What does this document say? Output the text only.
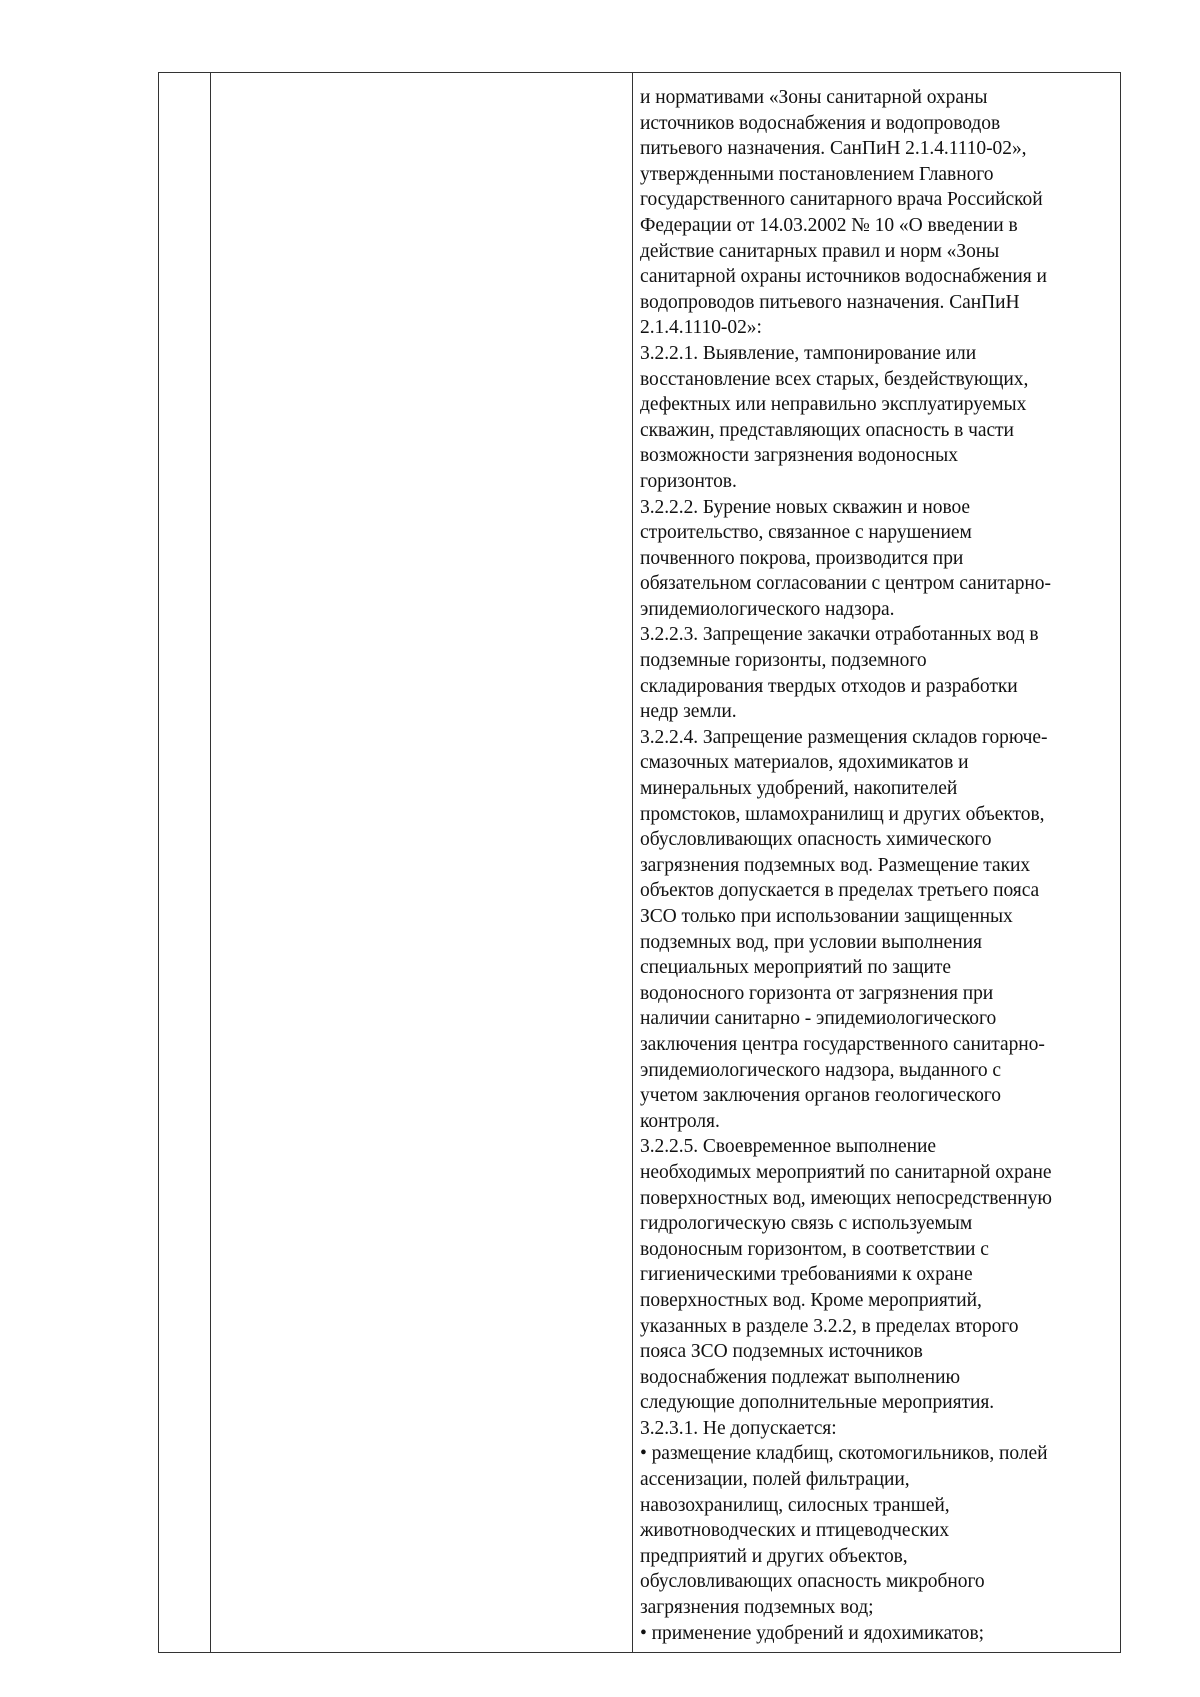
и нормативами «Зоны санитарной охраны
источников водоснабжения и водопроводов
питьевого назначения. СанПиН 2.1.4.1110-02»,
утвержденными постановлением Главного
государственного санитарного врача Российской
Федерации от 14.03.2002 № 10 «О введении в
действие санитарных правил и норм «Зоны
санитарной охраны источников водоснабжения и
водопроводов питьевого назначения. СанПиН
2.1.4.1110-02»:
3.2.2.1. Выявление, тампонирование или
восстановление всех старых, бездействующих,
дефектных или неправильно эксплуатируемых
скважин, представляющих опасность в части
возможности загрязнения водоносных
горизонтов.
3.2.2.2. Бурение новых скважин и новое
строительство, связанное с нарушением
почвенного покрова, производится при
обязательном согласовании с центром санитарно-
эпидемиологического надзора.
3.2.2.3. Запрещение закачки отработанных вод в
подземные горизонты, подземного
складирования твердых отходов и разработки
недр земли.
3.2.2.4. Запрещение размещения складов горюче-
смазочных материалов, ядохимикатов и
минеральных удобрений, накопителей
промстоков, шламохранилищ и других объектов,
обусловливающих опасность химического
загрязнения подземных вод. Размещение таких
объектов допускается в пределах третьего пояса
ЗСО только при использовании защищенных
подземных вод, при условии выполнения
специальных мероприятий по защите
водоносного горизонта от загрязнения при
наличии санитарно - эпидемиологического
заключения центра государственного санитарно-
эпидемиологического надзора, выданного с
учетом заключения органов геологического
контроля.
3.2.2.5. Своевременное выполнение
необходимых мероприятий по санитарной охране
поверхностных вод, имеющих непосредственную
гидрологическую связь с используемым
водоносным горизонтом, в соответствии с
гигиеническими требованиями к охране
поверхностных вод. Кроме мероприятий,
указанных в разделе 3.2.2, в пределах второго
пояса ЗСО подземных источников
водоснабжения подлежат выполнению
следующие дополнительные мероприятия.
3.2.3.1. Не допускается:
• размещение кладбищ, скотомогильников, полей
ассенизации, полей фильтрации,
навозохранилищ, силосных траншей,
животноводческих и птицеводческих
предприятий и других объектов,
обусловливающих опасность микробного
загрязнения подземных вод;
• применение удобрений и ядохимикатов;
